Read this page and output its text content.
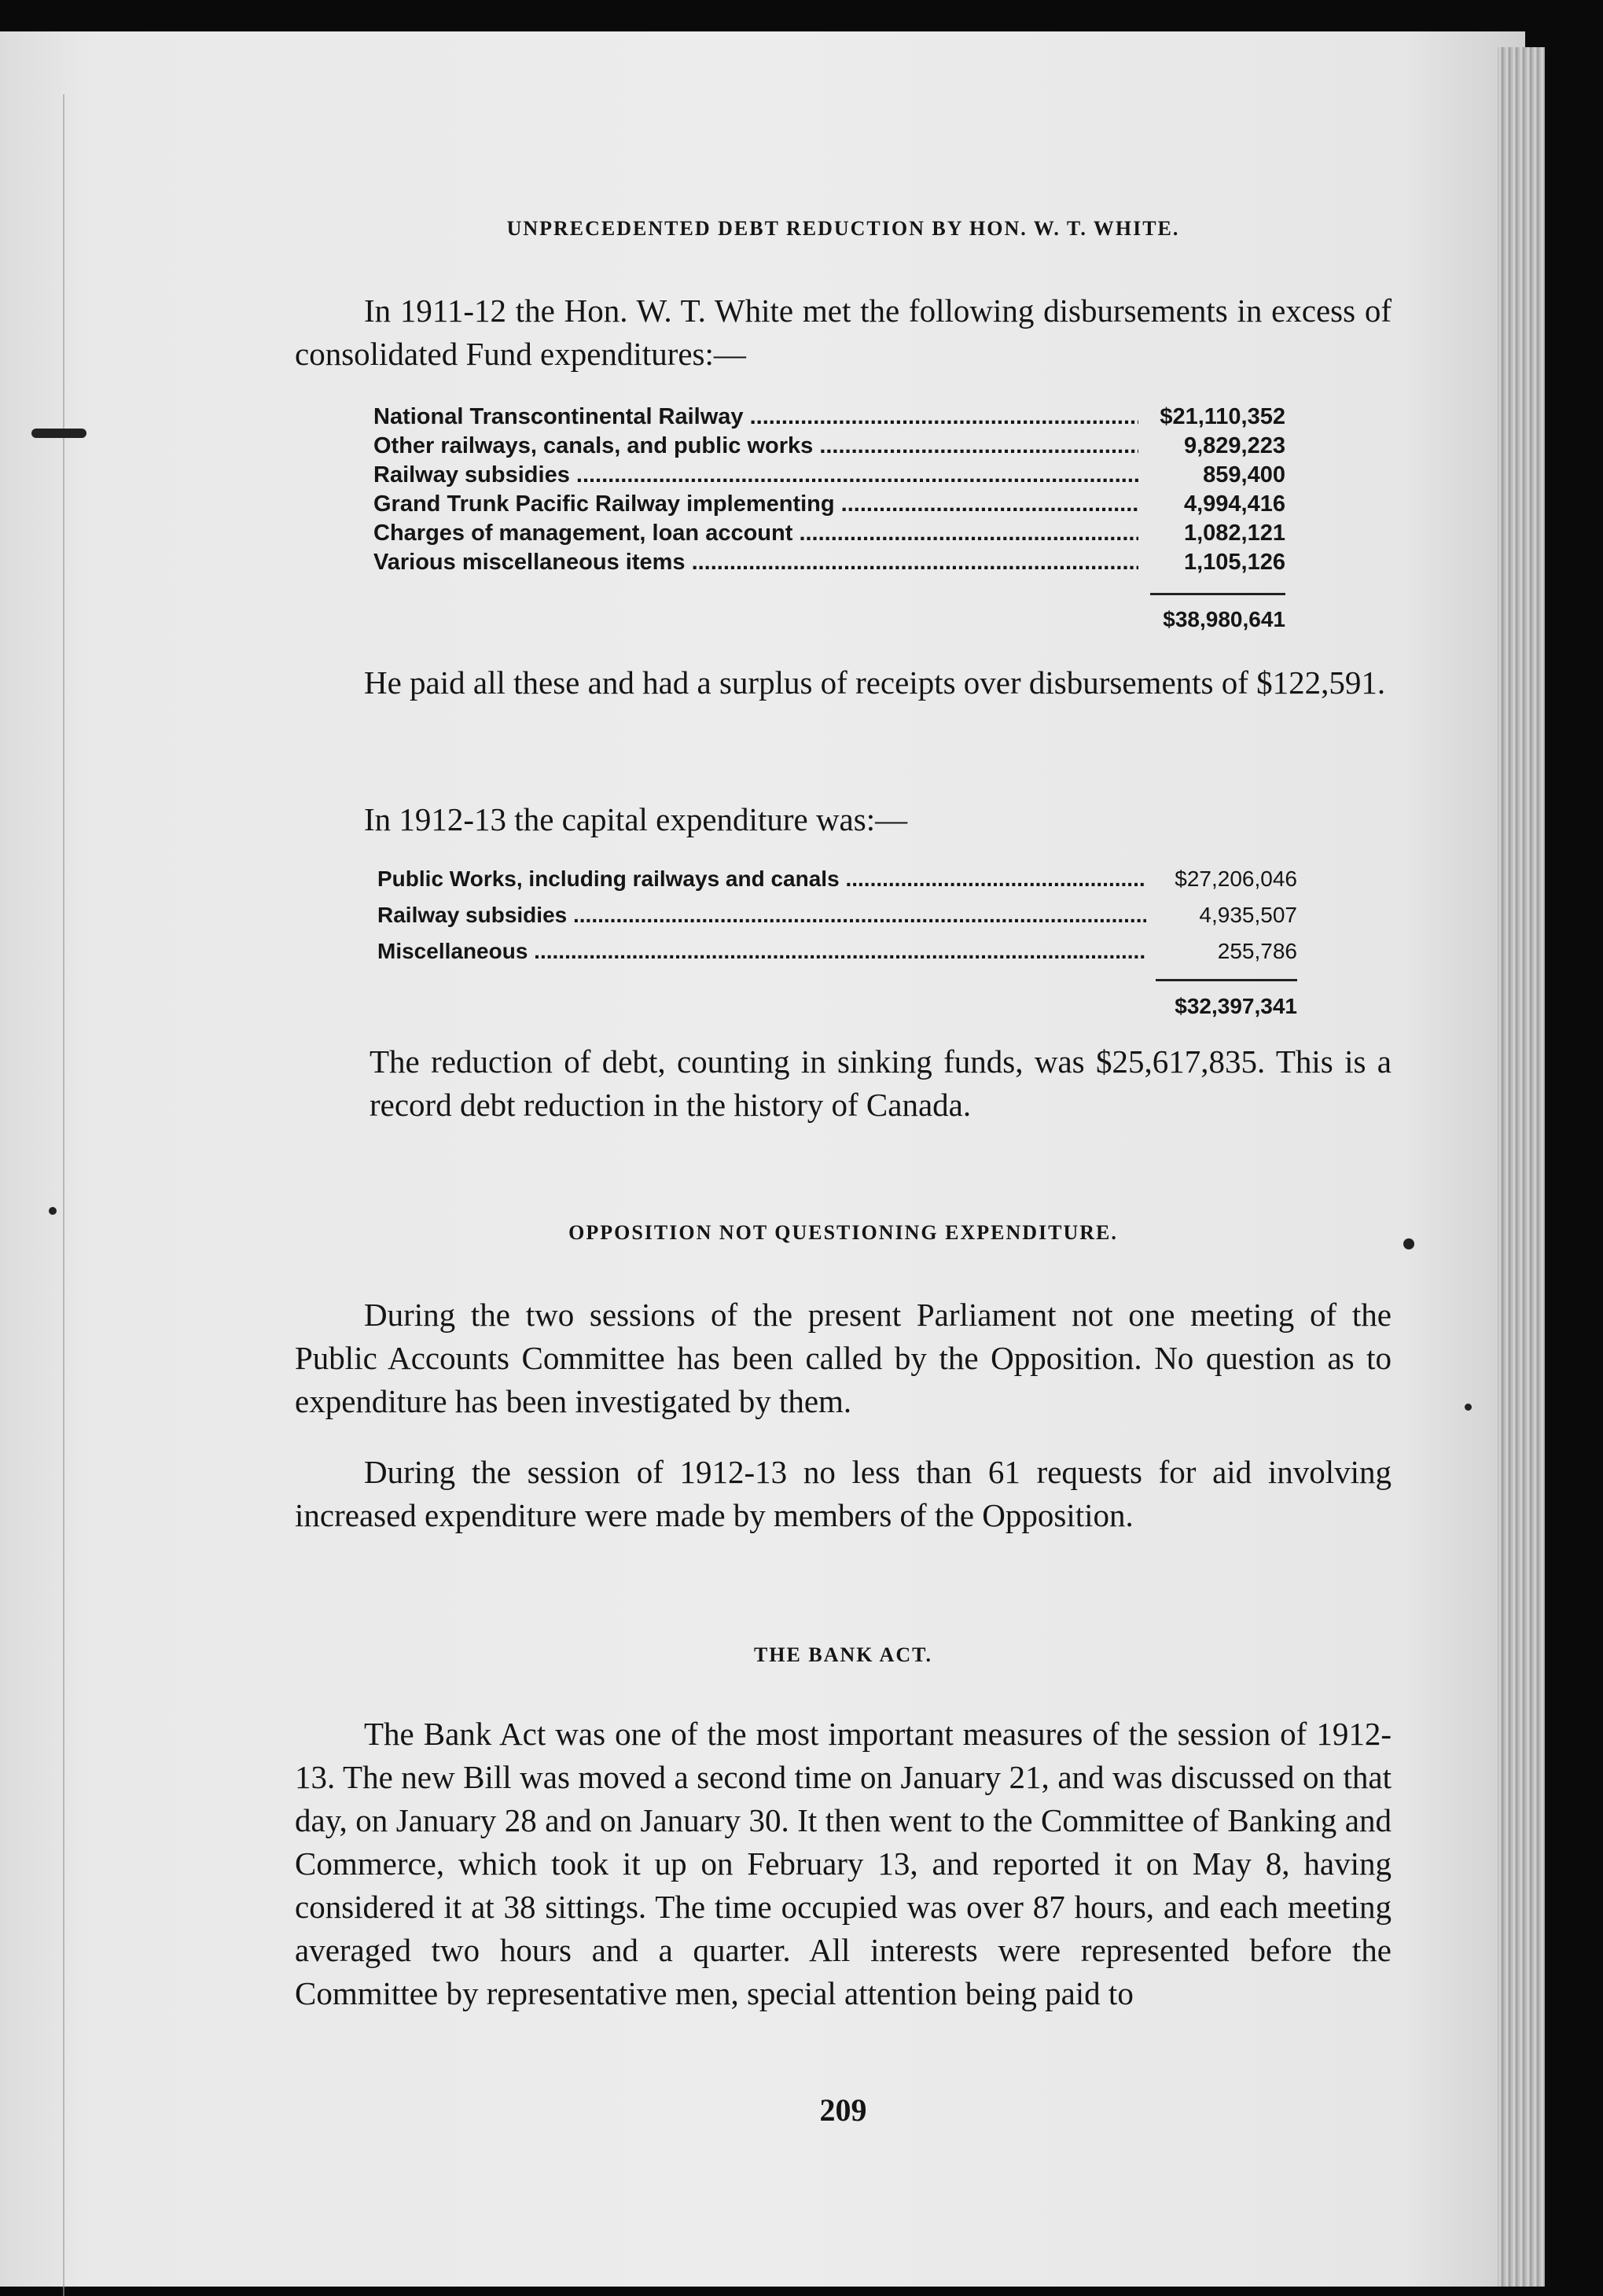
UNPRECEDENTED DEBT REDUCTION BY HON. W. T. WHITE.

In 1911-12 the Hon. W. T. White met the following disbursements in excess of consolidated Fund expenditures:—

National Transcontinental Railway .....	$21,110,352
Other railways, canals, and public works .....	9,829,223
Railway subsidies .....	859,400
Grand Trunk Pacific Railway implementing .....	4,994,416
Charges of management, loan account .....	1,082,121
Various miscellaneous items .....	1,105,126
$38,980,641

He paid all these and had a surplus of receipts over disbursements of $122,591.

In 1912-13 the capital expenditure was:—

Public Works, including railways and canals .....	$27,206,046
Railway subsidies .....	4,935,507
Miscellaneous .....	255,786
$32,397,341

The reduction of debt, counting in sinking funds, was $25,617,835. This is a record debt reduction in the history of Canada.

OPPOSITION NOT QUESTIONING EXPENDITURE.

During the two sessions of the present Parliament not one meeting of the Public Accounts Committee has been called by the Opposition. No question as to expenditure has been investigated by them.

During the session of 1912-13 no less than 61 requests for aid involving increased expenditure were made by members of the Opposition.

THE BANK ACT.

The Bank Act was one of the most important measures of the session of 1912-13. The new Bill was moved a second time on January 21, and was discussed on that day, on January 28 and on January 30. It then went to the Committee of Banking and Commerce, which took it up on February 13, and reported it on May 8, having considered it at 38 sittings. The time occupied was over 87 hours, and each meeting averaged two hours and a quarter. All interests were represented before the Committee by representative men, special attention being paid to

209
